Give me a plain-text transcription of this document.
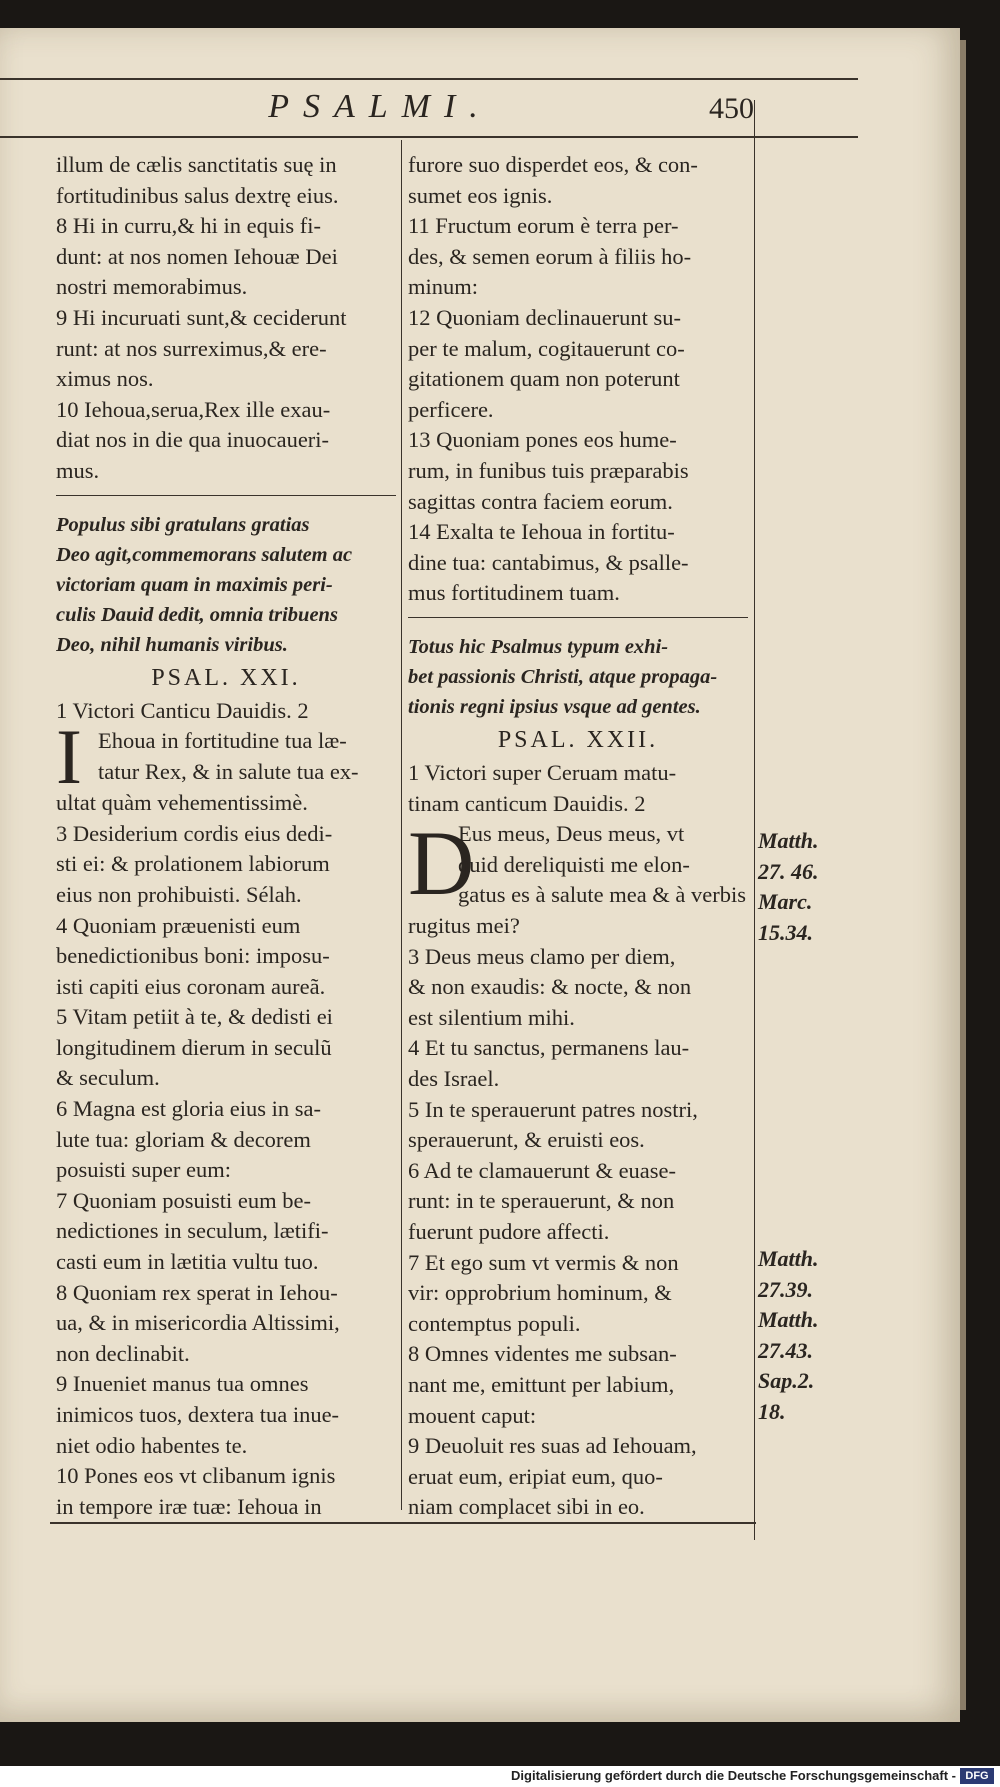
PSALMI.	450
illum de cælis sanctitatis suę in
fortitudinibus salus dextrę eius.
8 Hi in curru,& hi in equis fi-
dunt: at nos nomen Iehouæ Dei
nostri memorabimus.
9 Hi incuruati sunt,& ceciderunt
runt: at nos surreximus,& ere-
ximus nos.
10 Iehoua,serua,Rex ille exau-
diat nos in die qua inuocaueri-
mus.
Populus sibi gratulans gratias
Deo agit,commemorans salutem ac
victoriam quam in maximis peri-
culis Dauid dedit, omnia tribuens
Deo, nihil humanis viribus.
PSAL. XXI.
1 Victori Canticu Dauidis. 2
I Ehoua in fortitudine tua læ-
tatur Rex, & in salute tua ex-
ultat quàm vehementissimè.
3 Desiderium cordis eius dedi-
sti ei: & prolationem labiorum
eius non prohibuisti. Sélah.
4 Quoniam præuenisti eum
benedictionibus boni: imposu-
isti capiti eius coronam aureã.
5 Vitam petiit à te, & dedisti ei
longitudinem dierum in seculũ
& seculum.
6 Magna est gloria eius in sa-
lute tua: gloriam & decorem
posuisti super eum:
7 Quoniam posuisti eum be-
nedictiones in seculum, lætifi-
casti eum in lætitia vultu tuo.
8 Quoniam rex sperat in Iehou-
ua, & in misericordia Altissimi,
non declinabit.
9 Inueniet manus tua omnes
inimicos tuos, dextera tua inue-
niet odio habentes te.
10 Pones eos vt clibanum ignis
in tempore iræ tuæ: Iehoua in
furore suo disperdet eos, & con-
sumet eos ignis.
11 Fructum eorum è terra per-
des, & semen eorum à filiis ho-
minum:
12 Quoniam declinauerunt su-
per te malum, cogitauerunt co-
gitationem quam non poterunt
perficere.
13 Quoniam pones eos hume-
rum, in funibus tuis præparabis
sagittas contra faciem eorum.
14 Exalta te Iehoua in fortitu-
dine tua: cantabimus, & psalle-
mus fortitudinem tuam.
Totus hic Psalmus typum exhi-
bet passionis Christi, atque propaga-
tionis regni ipsius vsque ad gentes.
PSAL. XXII.
1 Victori super Ceruam matu-
tinam canticum Dauidis. 2
D
Eus meus, Deus meus, vt
quid dereliquisti me elon-
gatus es à salute mea & à verbis
rugitus mei?
3 Deus meus clamo per diem,
& non exaudis: & nocte, & non
est silentium mihi.
4 Et tu sanctus, permanens lau-
des Israel.
5 In te sperauerunt patres nostri,
sperauerunt, & eruisti eos.
6 Ad te clamauerunt & euase-
runt: in te sperauerunt, & non
fuerunt pudore affecti.
7 Et ego sum vt vermis & non
vir: opprobrium hominum, &
contemptus populi.
8 Omnes videntes me subsan-
nant me, emittunt per labium,
mouent caput:
9 Deuoluit res suas ad Iehouam,
eruat eum, eripiat eum, quo-
niam complacet sibi in eo.
Matth.
27. 46.
Marc.
15.34.
Matth.
27.39.
Matth.
27.43.
Sap.2.
18.
Digitalisierung gefördert durch die Deutsche Forschungsgemeinschaft - DFG
